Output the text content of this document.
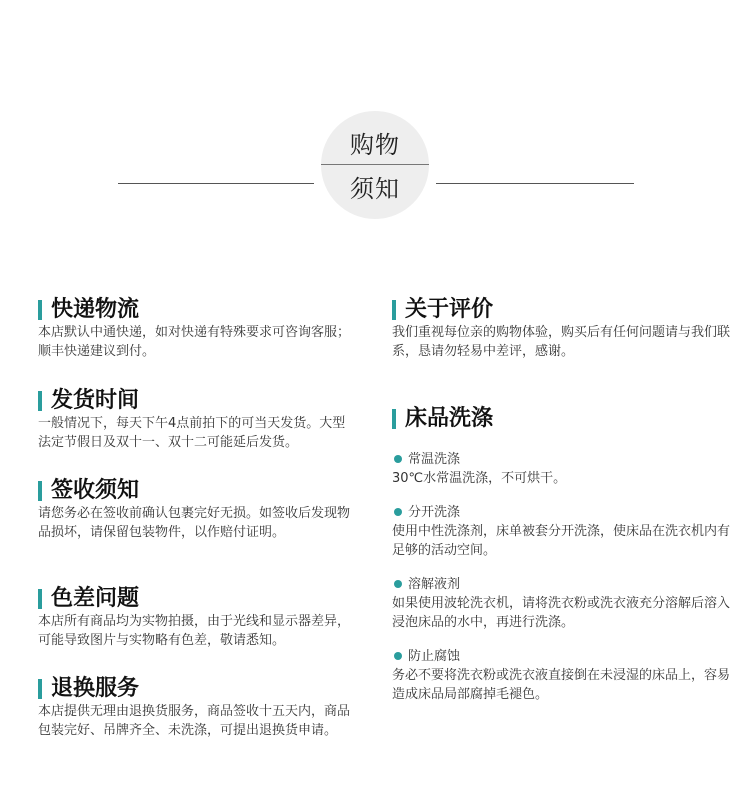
购物
须知
快递物流
本店默认中通快递，如对快递有特殊要求可咨询客服；顺丰快递建议到付。
发货时间
一般情况下，每天下午4点前拍下的可当天发货。大型法定节假日及双十一、双十二可能延后发货。
签收须知
请您务必在签收前确认包裹完好无损。如签收后发现物品损坏，请保留包装物件，以作赔付证明。
色差问题
本店所有商品均为实物拍摄，由于光线和显示器差异，可能导致图片与实物略有色差，敬请悉知。
退换服务
本店提供无理由退换货服务，商品签收十五天内，商品包装完好、吊牌齐全、未洗涤，可提出退换货申请。
关于评价
我们重视每位亲的购物体验，购买后有任何问题请与我们联系，恳请勿轻易中差评，感谢。
床品洗涤
常温洗涤
30℃水常温洗涤，不可烘干。
分开洗涤
使用中性洗涤剂，床单被套分开洗涤，使床品在洗衣机内有足够的活动空间。
溶解液剂
如果使用波轮洗衣机，请将洗衣粉或洗衣液充分溶解后溶入浸泡床品的水中，再进行洗涤。
防止腐蚀
务必不要将洗衣粉或洗衣液直接倒在未浸湿的床品上，容易造成床品局部腐掉毛褪色。
